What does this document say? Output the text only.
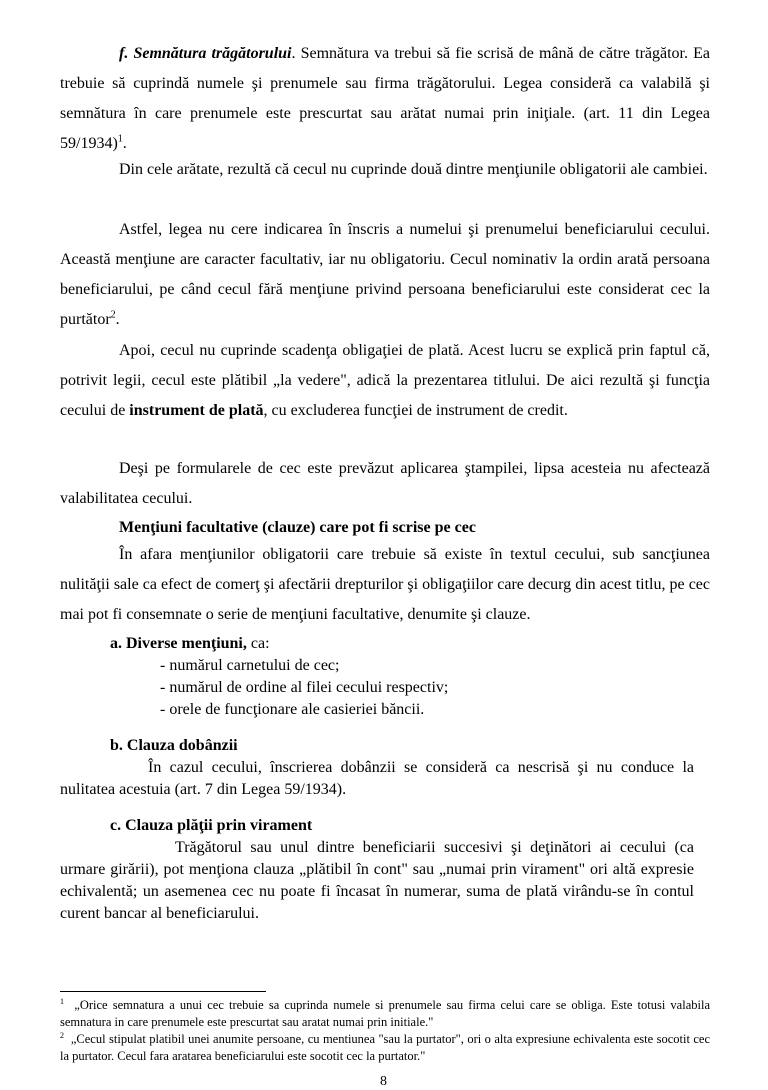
f. Semnătura trăgătorului. Semnătura va trebui să fie scrisă de mână de către trăgător. Ea trebuie să cuprindă numele şi prenumele sau firma trăgătorului. Legea consideră ca valabilă şi semnătura în care prenumele este prescurtat sau arătat numai prin iniţiale. (art. 11 din Legea 59/1934)$^1$.

Din cele arătate, rezultă că cecul nu cuprinde două dintre menţiunile obligatorii ale cambiei.

Astfel, legea nu cere indicarea în înscris a numelui şi prenumelui beneficiarului cecului. Această menţiune are caracter facultativ, iar nu obligatoriu. Cecul nominativ la ordin arată persoana beneficiarului, pe când cecul fără menţiune privind persoana beneficiarului este considerat cec la purtător$^2$.

Apoi, cecul nu cuprinde scadenţa obligaţiei de plată. Acest lucru se explică prin faptul că, potrivit legii, cecul este plătibil „la vedere", adică la prezentarea titlului. De aici rezultă şi funcţia cecului de instrument de plată, cu excluderea funcţiei de instrument de credit.

Deşi pe formularele de cec este prevăzut aplicarea ştampilei, lipsa acesteia nu afectează valabilitatea cecului.

Menţiuni facultative (clauze) care pot fi scrise pe cec

În afara menţiunilor obligatorii care trebuie să existe în textul cecului, sub sancţiunea nulităţii sale ca efect de comerţ şi afectării drepturilor şi obligaţiilor care decurg din acest titlu, pe cec mai pot fi consemnate o serie de menţiuni facultative, denumite şi clauze.

a. Diverse menţiuni, ca:

- numărul carnetului de cec;
- numărul de ordine al filei cecului respectiv;
- orele de funcţionare ale casieriei băncii.

b. Clauza dobânzii

În cazul cecului, înscrierea dobânzii se consideră ca nescrisă şi nu conduce la nulitatea acestuia (art. 7 din Legea 59/1934).

c. Clauza plăţii prin virament

Trăgătorul sau unul dintre beneficiarii succesivi şi deţinători ai cecului (ca urmare girării), pot menţiona clauza „plătibil în cont" sau „numai prin virament" ori altă expresie echivalentă; un asemenea cec nu poate fi încasat în numerar, suma de plată virându-se în contul curent bancar al beneficiarului.

$^1$ „Orice semnatura a unui cec trebuie sa cuprinda numele si prenumele sau firma celui care se obliga. Este totusi valabila semnatura in care prenumele este prescurtat sau aratat numai prin initiale."

$^2$ „Cecul stipulat platibil unei anumite persoane, cu mentiunea "sau la purtator", ori o alta expresiune echivalenta este socotit cec la purtator. Cecul fara aratarea beneficiarului este socotit cec la purtator."

8
